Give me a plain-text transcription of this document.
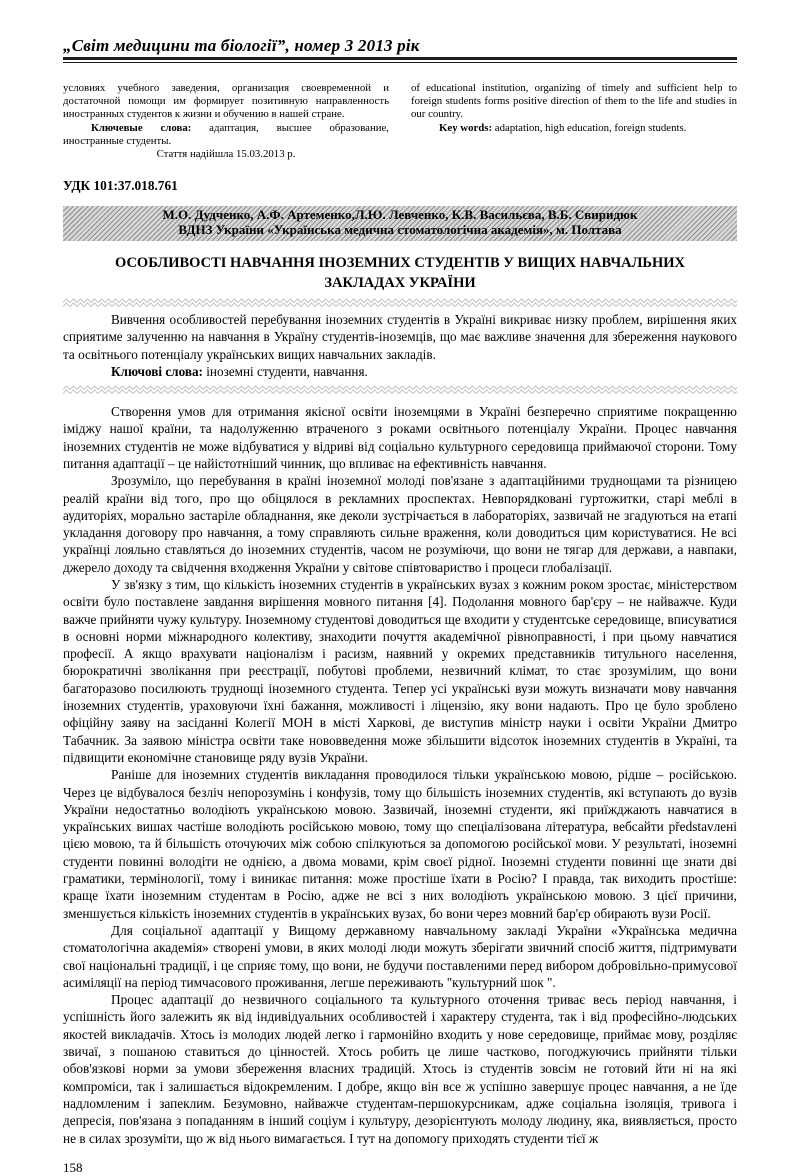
„Світ медицини та біології”, номер 3 2013 рік

условиях учебного заведения, организация своевременной и достаточной помощи им формирует позитивную направленность иностранных студентов к жизни и обучению в нашей стране.

Ключевые слова: адаптация, высшее образование, иностранные студенты.

Стаття надійшла 15.03.2013 р.

of educational institution, organizing of timely and sufficient help to foreign students forms positive direction of them to the life and studies in our country.

Key words: adaptation, high education, foreign students.

УДК 101:37.018.761
М.О. Дудченко, А.Ф. Артеменко,Л.Ю. Левченко, К.В. Васильєва, В.Б. Свиридюк
ВДНЗ України «Українська медична стоматологічна академія», м. Полтава
ОСОБЛИВОСТІ НАВЧАННЯ ІНОЗЕМНИХ СТУДЕНТІВ У ВИЩИХ НАВЧАЛЬНИХ ЗАКЛАДАХ УКРАЇНИ

Вивчення особливостей перебування іноземних студентів в Україні викриває низку проблем, вирішення яких сприятиме залученню на навчання в Україну студентів-іноземців, що має важливе значення для збереження наукового та освітнього потенціалу українських вищих навчальних закладів.

Ключові слова: іноземні студенти, навчання.

Створення умов для отримання якісної освіти іноземцями в Україні безперечно сприятиме покращенню іміджу нашої країни, та надолуженню втраченого з роками освітнього потенціалу України. Процес навчання іноземних студентів не може відбуватися у відриві від соціально культурного середовища приймаючої сторони. Тому питання адаптації – це найістотніший чинник, що впливає на ефективність навчання.

Зрозуміло, що перебування в країні іноземної молоді пов'язане з адаптаційними труднощами та різницею реалій країни від того, про що обіцялося в рекламних проспектах. Невпорядковані гуртожитки, старі меблі в аудиторіях, морально застаріле обладнання, яке деколи зустрічається в лабораторіях, зазвичай не згадуються на етапі укладання договору про навчання, а тому справляють сильне враження, коли доводиться цим користуватися. Не всі українці лояльно ставляться до іноземних студентів, часом не розуміючи, що вони не тягар для держави, а навпаки, джерело доходу та свідчення входження України у світове співтовариство і процеси глобалізації.

У зв'язку з тим, що кількість іноземних студентів в українських вузах з кожним роком зростає, міністерством освіти було поставлене завдання вирішення мовного питання [4]. Подолання мовного бар'єру – не найважче. Куди важче прийняти чужу культуру. Іноземному студентові доводиться ще входити у студентське середовище, вписуватися в основні норми міжнародного колективу, знаходити почуття академічної рівноправності, і при цьому навчатися професії. А якщо врахувати націоналізм і расизм, наявний у окремих представників титульного населення, бюрократичні зволікання при реєстрації, побутові проблеми, незвичний клімат, то стає зрозумілим, що вони багаторазово посилюють труднощі іноземного студента. Тепер усі українські вузи можуть визначати мову навчання іноземних студентів, ураховуючи їхні бажання, можливості і ліцензію, яку вони надають. Про це було зроблено офіційну заяву на засіданні Колегії МОН в місті Харкові, де виступив міністр науки і освіти України Дмитро Табачник. За заявою міністра освіти таке нововведення може збільшити відсоток іноземних студентів в Україні, та підвищити економічне становище ряду вузів України.

Раніше для іноземних студентів викладання проводилося тільки українською мовою, рідше – російською. Через це відбувалося безліч непорозумінь і конфузів, тому що більшість іноземних студентів, які вступають до вузів України недостатньо володіють українською мовою. Зазвичай, іноземні студенти, які приїжджають навчатися в українських вишах частіше володіють російською мовою, тому що спеціалізована література, вебсайти představлені цією мовою, та й більшість оточуючих між собою спілкуються за допомогою російської мови. У результаті, іноземні студенти повинні володіти не однією, а двома мовами, крім своєї рідної. Іноземні студенти повинні ще знати дві граматики, термінології, тому і виникає питання: може простіше їхати в Росію? І правда, так виходить простіше: краще їхати іноземним студентам в Росію, адже не всі з них володіють українською мовою. З цієї причини, зменшується кількість іноземних студентів в українських вузах, бо вони через мовний бар'єр обирають вузи Росії.

Для соціальної адаптації у Вищому державному навчальному закладі України «Українська медична стоматологічна академія» створені умови, в яких молоді люди можуть зберігати звичний спосіб життя, підтримувати свої національні традиції, і це сприяє тому, що вони, не будучи поставленими перед вибором добровільно-примусової асиміляції на період тимчасового проживання, легше переживають "культурний шок ".

Процес адаптації до незвичного соціального та культурного оточення триває весь період навчання, і успішність його залежить як від індивідуальних особливостей і характеру студента, так і від професійно-людських якостей викладачів. Хтось із молодих людей легко і гармонійно входить у нове середовище, приймає мову, розділяє звичаї, з пошаною ставиться до цінностей. Хтось робить це лише частково, погоджуючись прийняти тільки обов'язкові норми за умови збереження власних традицій. Хтось із студентів зовсім не готовий йти ні на які компроміси, так і залишається відокремленим. І добре, якщо він все ж успішно завершує процес навчання, а не їде надломленим і запеклим. Безумовно, найважче студентам-першокурсникам, адже соціальна ізоляція, тривога і депресія, пов'язана з попаданням в інший соціум і культуру, дезорієнтують молоду людину, яка, виявляється, просто не в силах зрозуміти, що ж від нього вимагається. І тут на допомогу приходять студенти тієї ж

158
